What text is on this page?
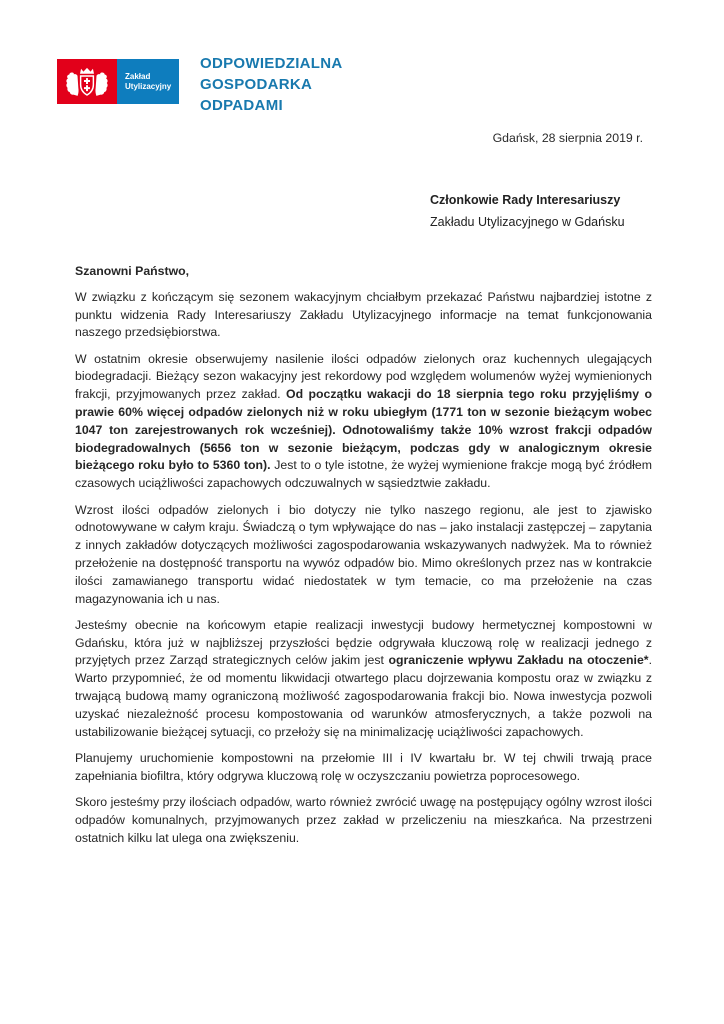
Zakład
Utylizacyjny
ODPOWIEDZIALNA
GOSPODARKA
ODPADAMI
Gdańsk, 28 sierpnia 2019 r.
Członkowie Rady Interesariuszy
Zakładu Utylizacyjnego w Gdańsku
Szanowni Państwo,

W związku z kończącym się sezonem wakacyjnym chciałbym przekazać Państwu najbardziej istotne z punktu widzenia Rady Interesariuszy Zakładu Utylizacyjnego informacje na temat funkcjonowania naszego przedsiębiorstwa.

W ostatnim okresie obserwujemy nasilenie ilości odpadów zielonych oraz kuchennych ulegających biodegradacji. Bieżący sezon wakacyjny jest rekordowy pod względem wolumenów wyżej wymienionych frakcji, przyjmowanych przez zakład. Od początku wakacji do 18 sierpnia tego roku przyjęliśmy o prawie 60% więcej odpadów zielonych niż w roku ubiegłym (1771 ton w sezonie bieżącym wobec 1047 ton zarejestrowanych rok wcześniej). Odnotowaliśmy także 10% wzrost frakcji odpadów biodegradowalnych (5656 ton w sezonie bieżącym, podczas gdy w analogicznym okresie bieżącego roku było to 5360 ton). Jest to o tyle istotne, że wyżej wymienione frakcje mogą być źródłem czasowych uciążliwości zapachowych odczuwalnych w sąsiedztwie zakładu.

Wzrost ilości odpadów zielonych i bio dotyczy nie tylko naszego regionu, ale jest to zjawisko odnotowywane w całym kraju. Świadczą o tym wpływające do nas – jako instalacji zastępczej – zapytania z innych zakładów dotyczących możliwości zagospodarowania wskazywanych nadwyżek. Ma to również przełożenie na dostępność transportu na wywóz odpadów bio. Mimo określonych przez nas w kontrakcie ilości zamawianego transportu widać niedostatek w tym temacie, co ma przełożenie na czas magazynowania ich u nas.

Jesteśmy obecnie na końcowym etapie realizacji inwestycji budowy hermetycznej kompostowni w Gdańsku, która już w najbliższej przyszłości będzie odgrywała kluczową rolę w realizacji jednego z przyjętych przez Zarząd strategicznych celów jakim jest ograniczenie wpływu Zakładu na otoczenie*. Warto przypomnieć, że od momentu likwidacji otwartego placu dojrzewania kompostu oraz w związku z trwającą budową mamy ograniczoną możliwość zagospodarowania frakcji bio. Nowa inwestycja pozwoli uzyskać niezależność procesu kompostowania od warunków atmosferycznych, a także pozwoli na ustabilizowanie bieżącej sytuacji, co przełoży się na minimalizację uciążliwości zapachowych.

Planujemy uruchomienie kompostowni na przełomie III i IV kwartału br. W tej chwili trwają prace zapełniania biofiltra, który odgrywa kluczową rolę w oczyszczaniu powietrza poprocesowego.

Skoro jesteśmy przy ilościach odpadów, warto również zwrócić uwagę na postępujący ogólny wzrost ilości odpadów komunalnych, przyjmowanych przez zakład w przeliczeniu na mieszkańca. Na przestrzeni ostatnich kilku lat ulega ona zwiększeniu.
